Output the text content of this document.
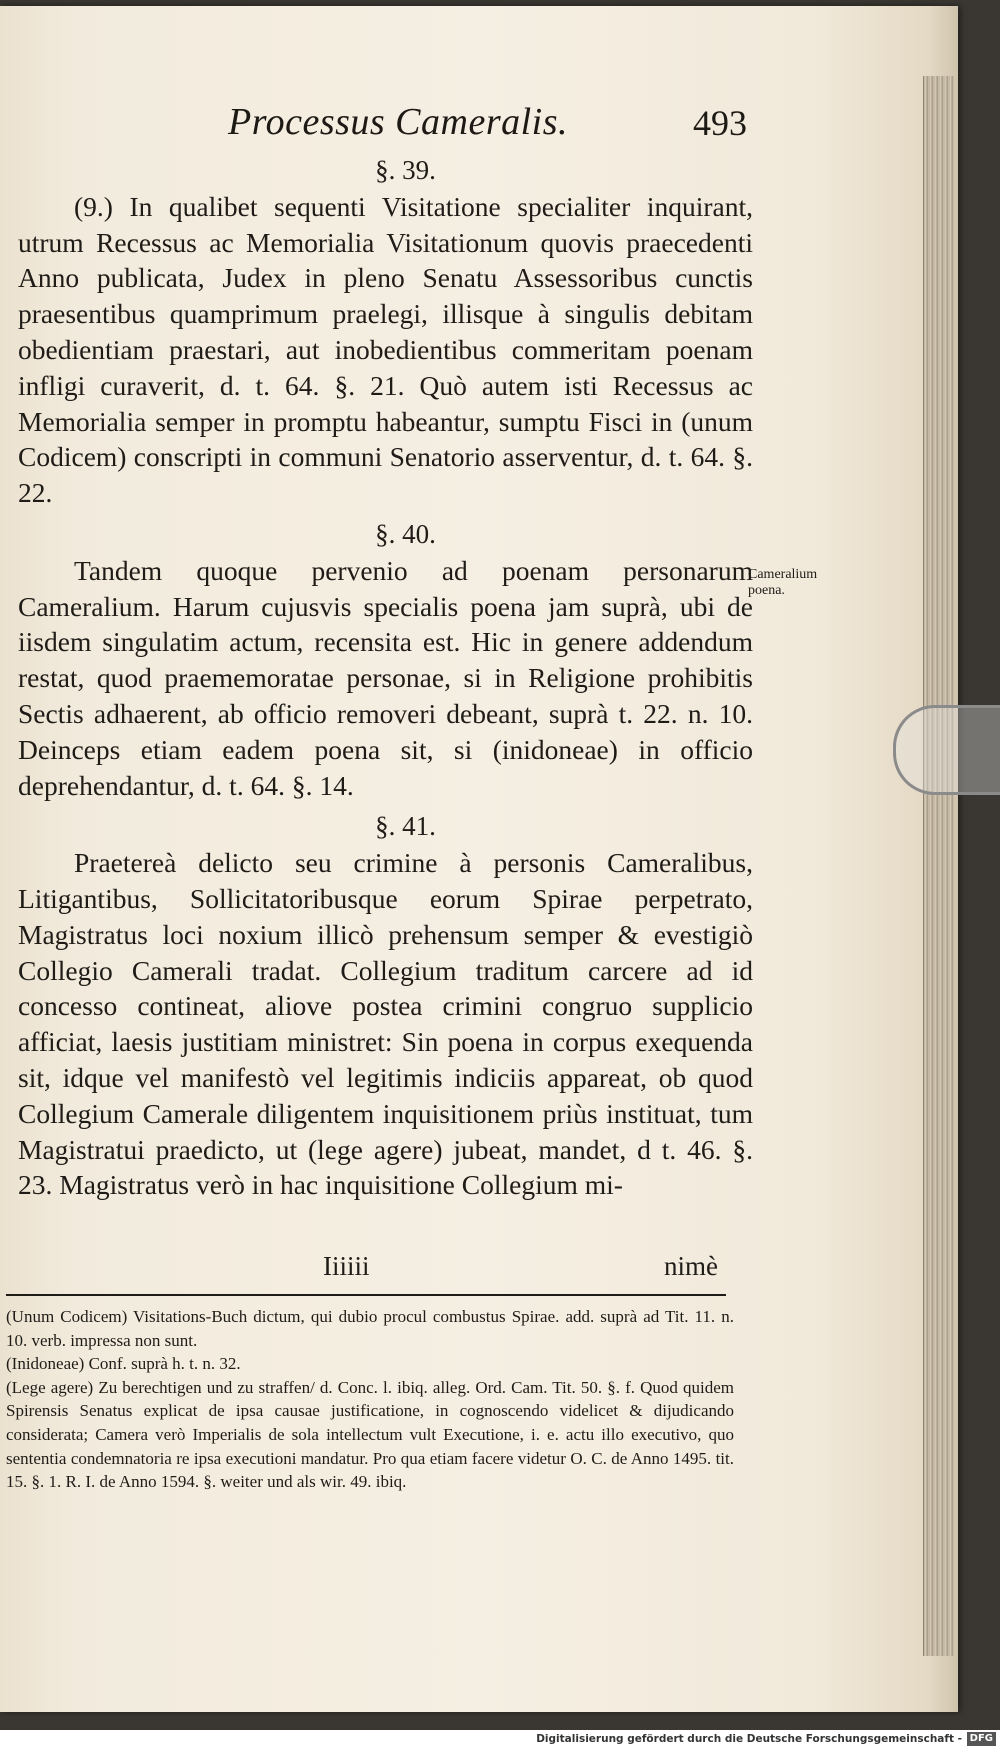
Processus Cameralis.	493

§. 39.

(9.) In qualibet sequenti Visitatione specialiter inquirant, utrum Recessus ac Memorialia Visitationum quovis praecedenti Anno publicata, Judex in pleno Senatu Assessoribus cunctis praesentibus quamprimum praelegi, illisque à singulis debitam obedientiam praestari, aut inobedientibus commeritam poenam infligi curaverit, d. t. 64. §. 21. Quò autem isti Recessus ac Memorialia semper in promptu habeantur, sumptu Fisci in (unum Codicem) conscripti in communi Senatorio asserventur, d. t. 64. §. 22.

§. 40.

Tandem quoque pervenio ad poenam personarum Cameralium. Harum cujusvis specialis poena jam suprà, ubi de iisdem singulatim actum, recensita est. Hic in genere addendum restat, quod praememoratae personae, si in Religione prohibitis Sectis adhaerent, ab officio removeri debeant, suprà t. 22. n. 10. Deinceps etiam eadem poena sit, si (inidoneae) in officio deprehendantur, d. t. 64. §. 14.

§. 41.

Praetereà delicto seu crimine à personis Cameralibus, Litigantibus, Sollicitatoribusque eorum Spirae perpetrato, Magistratus loci noxium illicò prehensum semper & evestigiò Collegio Camerali tradat. Collegium traditum carcere ad id concesso contineat, aliove postea crimini congruo supplicio afficiat, laesis justitiam ministret: Sin poena in corpus exequenda sit, idque vel manifestò vel legitimis indiciis appareat, ob quod Collegium Camerale diligentem inquisitionem priùs instituat, tum Magistratui praedicto, ut (lege agere) jubeat, mandet, d t. 46. §. 23. Magistratus verò in hac inquisitione Collegium mi-

Cameralium poena.
Iiiiii	nimè

(Unum Codicem) Visitations-Buch dictum, qui dubio procul combustus Spirae. add. suprà ad Tit. 11. n. 10. verb. impressa non sunt.

(Inidoneae) Conf. suprà h. t. n. 32.

(Lege agere) Zu berechtigen und zu straffen/ d. Conc. l. ibiq. alleg. Ord. Cam. Tit. 50. §. f. Quod quidem Spirensis Senatus explicat de ipsa causae justificatione, in cognoscendo videlicet & dijudicando considerata; Camera verò Imperialis de sola intellectum vult Executione, i. e. actu illo executivo, quo sententia condemnatoria re ipsa executioni mandatur. Pro qua etiam facere videtur O. C. de Anno 1495. tit. 15. §. 1. R. I. de Anno 1594. §. weiter und als wir. 49. ibiq.

Digitalisierung gefördert durch die Deutsche Forschungsgemeinschaft - DFG
